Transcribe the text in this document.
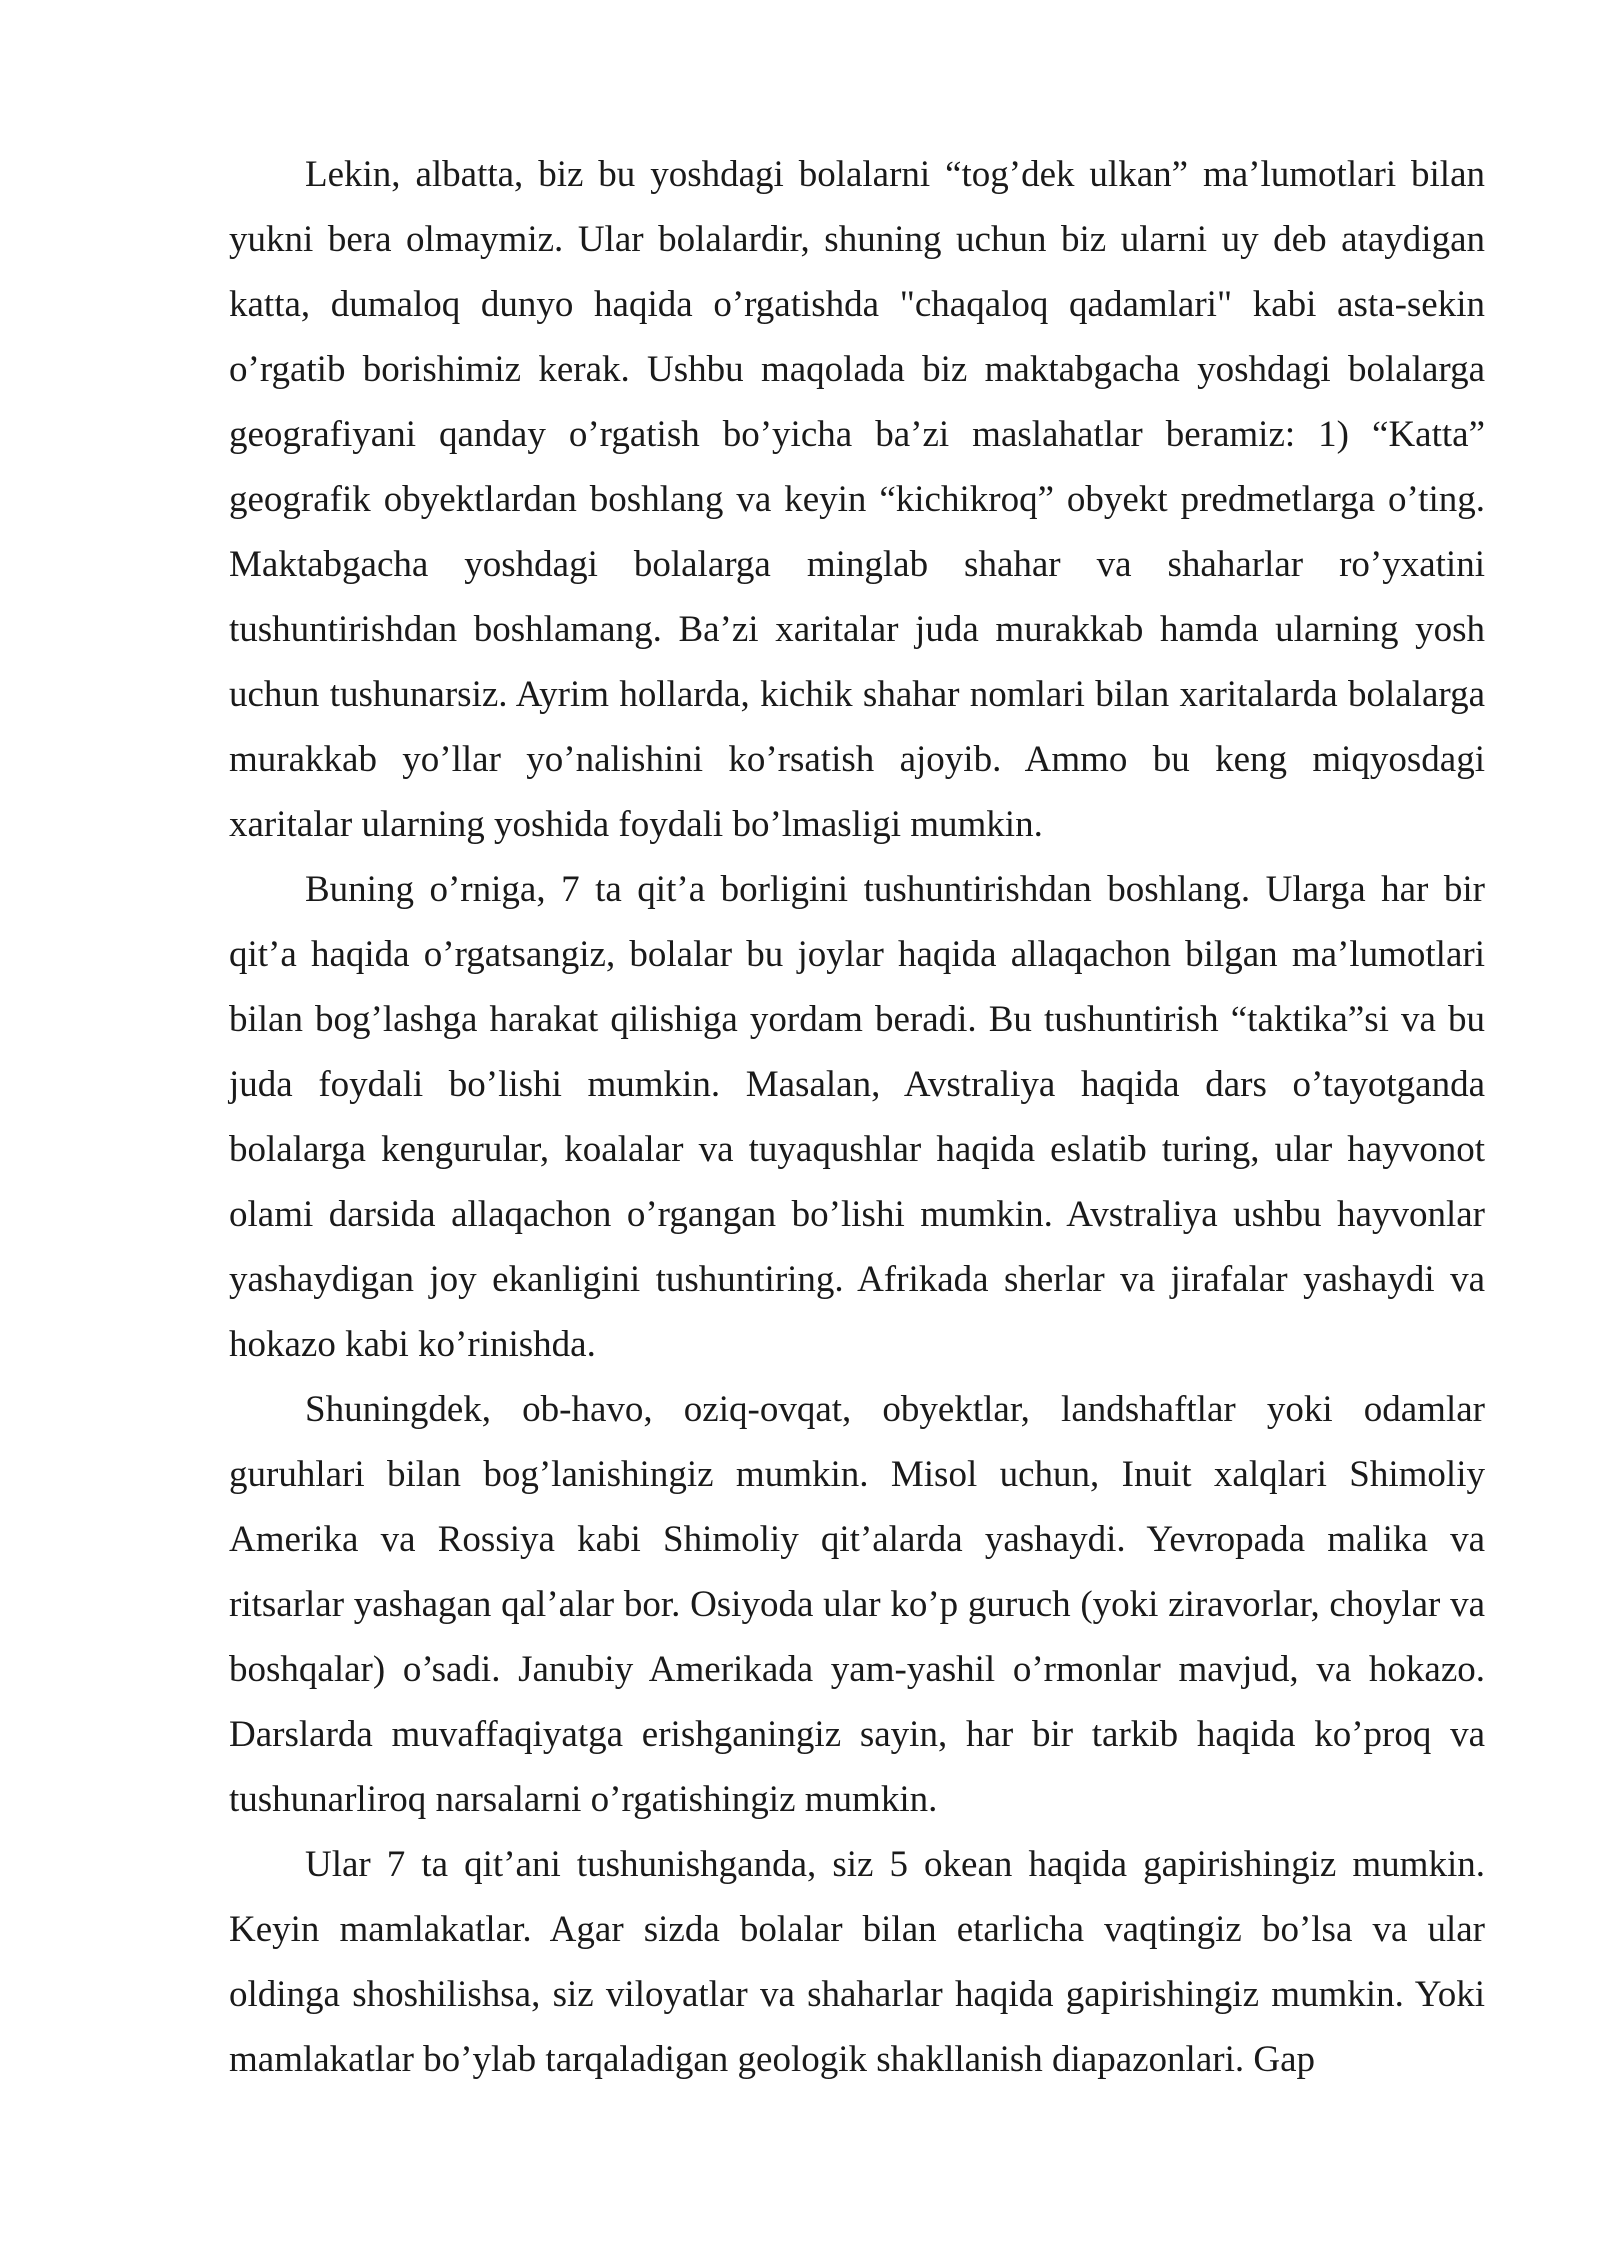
Lekin, albatta, biz bu yoshdagi bolalarni “tog’dek ulkan” ma’lumotlari bilan yukni bera olmaymiz. Ular bolalardir, shuning uchun biz ularni uy deb ataydigan katta, dumaloq dunyo haqida o’rgatishda "chaqaloq qadamlari" kabi asta-sekin o’rgatib borishimiz kerak. Ushbu maqolada biz maktabgacha yoshdagi bolalarga geografiyani qanday o’rgatish bo’yicha ba’zi maslahatlar beramiz: 1) “Katta” geografik obyektlardan boshlang va keyin “kichikroq” obyekt predmetlarga o’ting. Maktabgacha yoshdagi bolalarga minglab shahar va shaharlar ro’yxatini tushuntirishdan boshlamang. Ba’zi xaritalar juda murakkab hamda ularning yosh uchun tushunarsiz. Ayrim hollarda, kichik shahar nomlari bilan xaritalarda bolalarga murakkab yo’llar yo’nalishini ko’rsatish ajoyib. Ammo bu keng miqyosdagi xaritalar ularning yoshida foydali bo’lmasligi mumkin.

Buning o’rniga, 7 ta qit’a borligini tushuntirishdan boshlang. Ularga har bir qit’a haqida o’rgatsangiz, bolalar bu joylar haqida allaqachon bilgan ma’lumotlari bilan bog’lashga harakat qilishiga yordam beradi. Bu tushuntirish “taktika”si va bu juda foydali bo’lishi mumkin. Masalan, Avstraliya haqida dars o’tayotganda bolalarga kengurular, koalalar va tuyaqushlar haqida eslatib turing, ular hayvonot olami darsida allaqachon o’rgangan bo’lishi mumkin. Avstraliya ushbu hayvonlar yashaydigan joy ekanligini tushuntiring. Afrikada sherlar va jirafalar yashaydi va hokazo kabi ko’rinishda.

Shuningdek, ob-havo, oziq-ovqat, obyektlar, landshaftlar yoki odamlar guruhlari bilan bog’lanishingiz mumkin. Misol uchun, Inuit xalqlari Shimoliy Amerika va Rossiya kabi Shimoliy qit’alarda yashaydi. Yevropada malika va ritsarlar yashagan qal’alar bor. Osiyoda ular ko’p guruch (yoki ziravorlar, choylar va boshqalar) o’sadi. Janubiy Amerikada yam-yashil o’rmonlar mavjud, va hokazo. Darslarda muvaffaqiyatga erishganingiz sayin, har bir tarkib haqida ko’proq va tushunarliroq narsalarni o’rgatishingiz mumkin.

Ular 7 ta qit’ani tushunishganda, siz 5 okean haqida gapirishingiz mumkin. Keyin mamlakatlar. Agar sizda bolalar bilan etarlicha vaqtingiz bo’lsa va ular oldinga shoshilishsa, siz viloyatlar va shaharlar haqida gapirishingiz mumkin. Yoki mamlakatlar bo’ylab tarqaladigan geologik shakllanish diapazonlari. Gap
